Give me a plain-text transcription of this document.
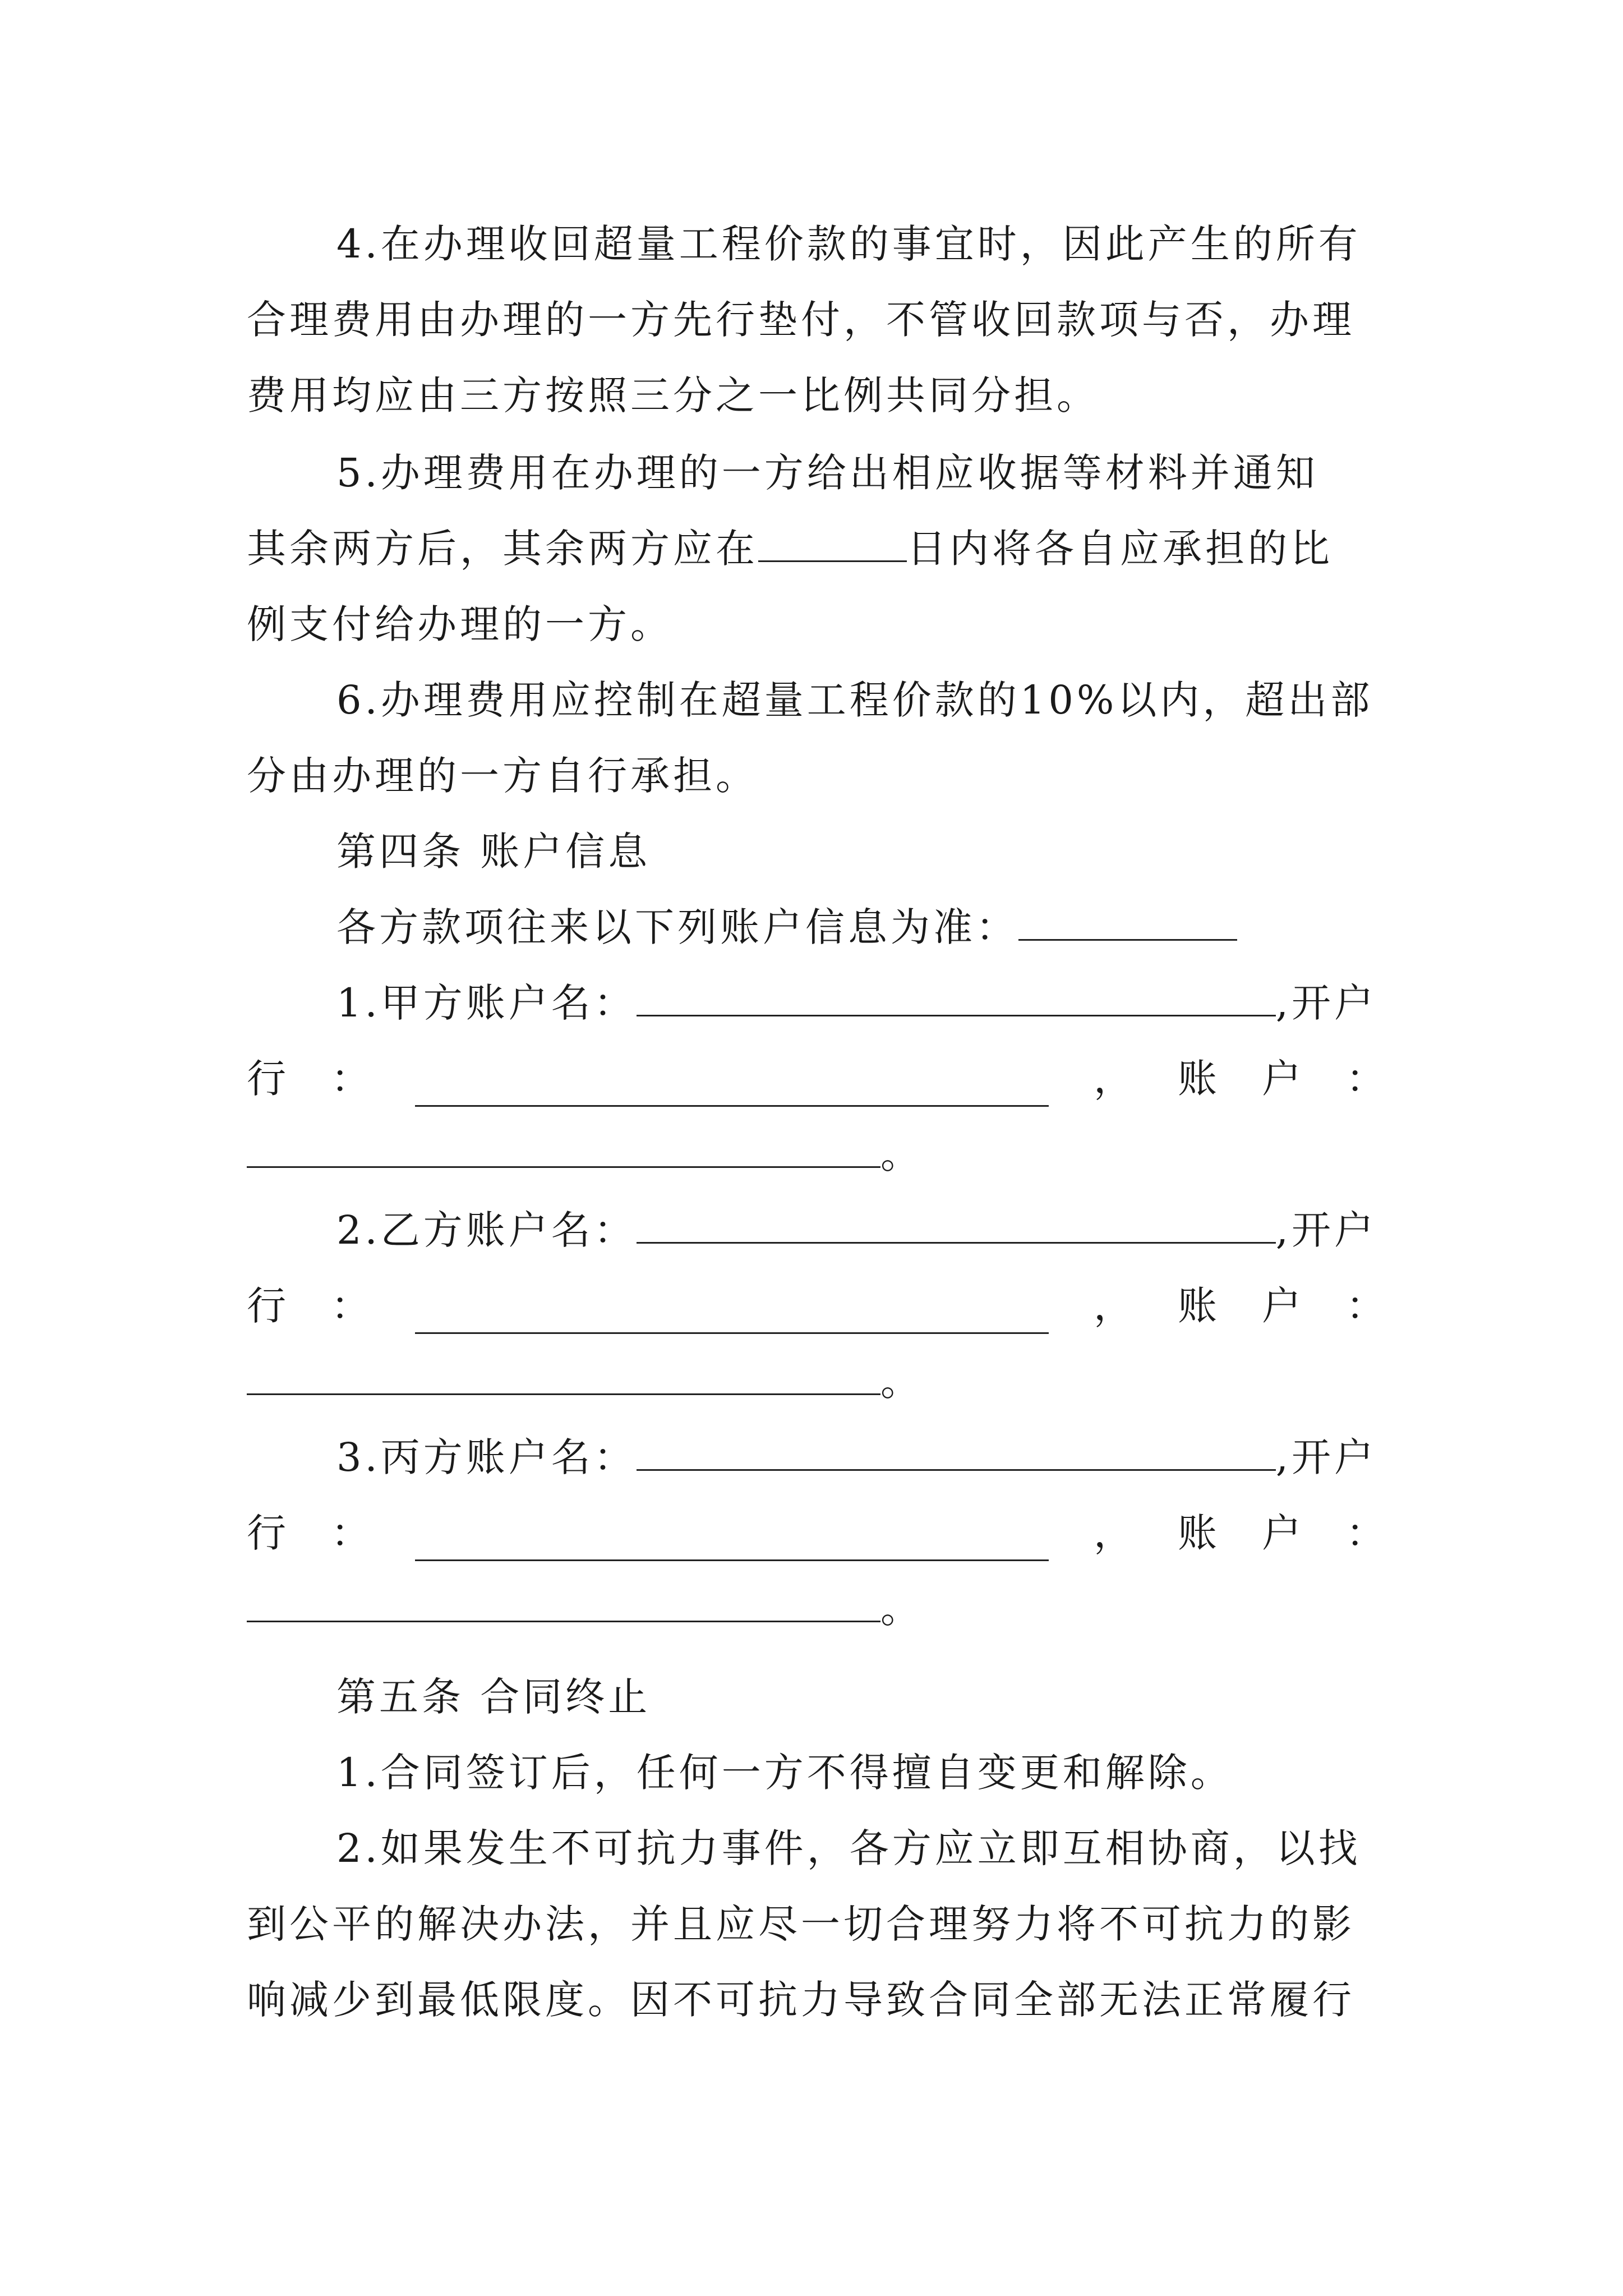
4.在办理收回超量工程价款的事宜时，因此产生的所有
合理费用由办理的一方先行垫付，不管收回款项与否，办理
费用均应由三方按照三分之一比例共同分担。
5.办理费用在办理的一方给出相应收据等材料并通知
其余两方后，其余两方应在	日内将各自应承担的比
例支付给办理的一方。
6.办理费用应控制在超量工程价款的10%以内，超出部
分由办理的一方自行承担。
第四条 账户信息
各方款项往来以下列账户信息为准：
1.甲方账户名：	,开户
行 ：	， 账 户 ：
。
2.乙方账户名：	,开户
行 ：	， 账 户 ：
。
3.丙方账户名：	,开户
行 ：	， 账 户 ：
。
第五条 合同终止
1.合同签订后，任何一方不得擅自变更和解除。
2.如果发生不可抗力事件，各方应立即互相协商，以找
到公平的解决办法，并且应尽一切合理努力将不可抗力的影
响减少到最低限度。因不可抗力导致合同全部无法正常履行
